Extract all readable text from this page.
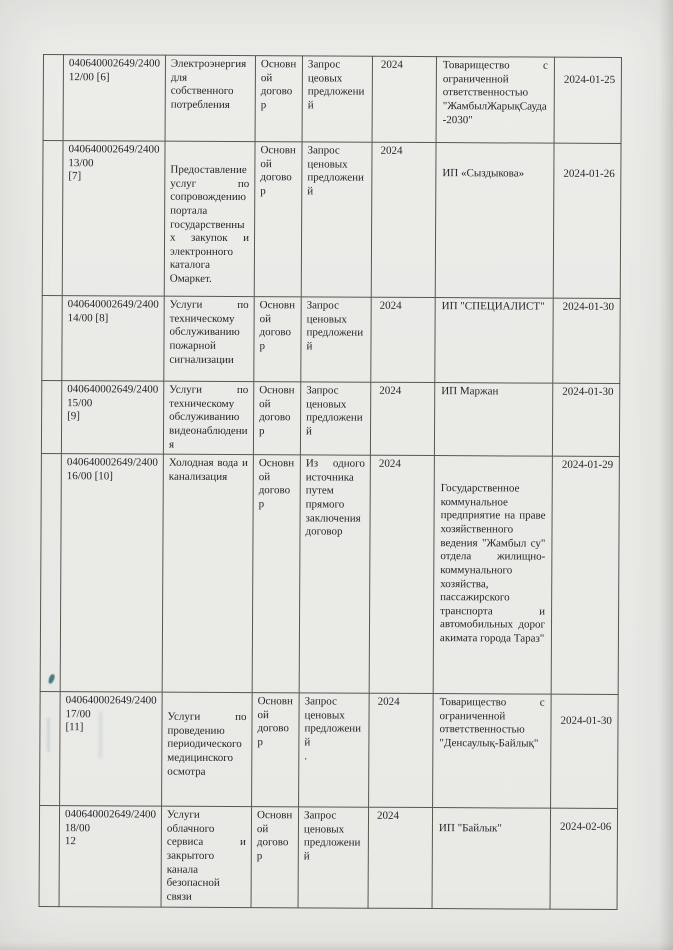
	040640002649/2400
12/00 [6]	Электроэнергия для собственного потребления	Основн
ой
догово
р	Запрос
цеовых
предложени
й	2024	Товарищество с ограниченной ответственностью "ЖамбылЖарықСауда-2030"	2024-01-25
	040640002649/2400
13/00
[7]	Предоставление услуг по сопровождению портала государственных закупок и электронного каталога Омаркет.	Основн
ой
догово
р	Запрос
ценовых
предложени
й	2024	ИП «Сыздыкова»	2024-01-26
	040640002649/2400
14/00 [8]	Услуги по техническому обслуживанию пожарной сигнализации	Основн
ой
догово
р	Запрос
ценовых
предложени
й	2024	ИП "СПЕЦИАЛИСТ"	2024-01-30
	040640002649/2400
15/00
[9]	Услуги по техническому обслуживанию видеонаблюдения	Основн
ой
догово
р	Запрос
ценовых
предложени
й	2024	ИП Маржан	2024-01-30
	040640002649/2400
16/00 [10]	Холодная вода и канализация	Основн
ой
догово
р	Из одного источника путем прямого заключения договор	2024	Государственное коммунальное предприятие на праве хозяйственного ведения "Жамбыл су" отдела жилищно-коммунального хозяйства, пассажирского транспорта и автомобильных дорог акимата города Тараз"	2024-01-29
	040640002649/2400
17/00
[11]	Услуги по проведению периодического медицинского осмотра	Основн
ой
догово
р	Запрос
ценовых
предложени
й
.	2024	Товарищество с ограниченной ответственностью "Денсаулық-Байлық"	2024-01-30
	040640002649/2400
18/00
12	Услуги облачного сервиса и закрытого канала безопасной связи	Основн
ой
догово
р	Запрос
ценовых
предложени
й	2024	ИП "Байлык"	2024-02-06
